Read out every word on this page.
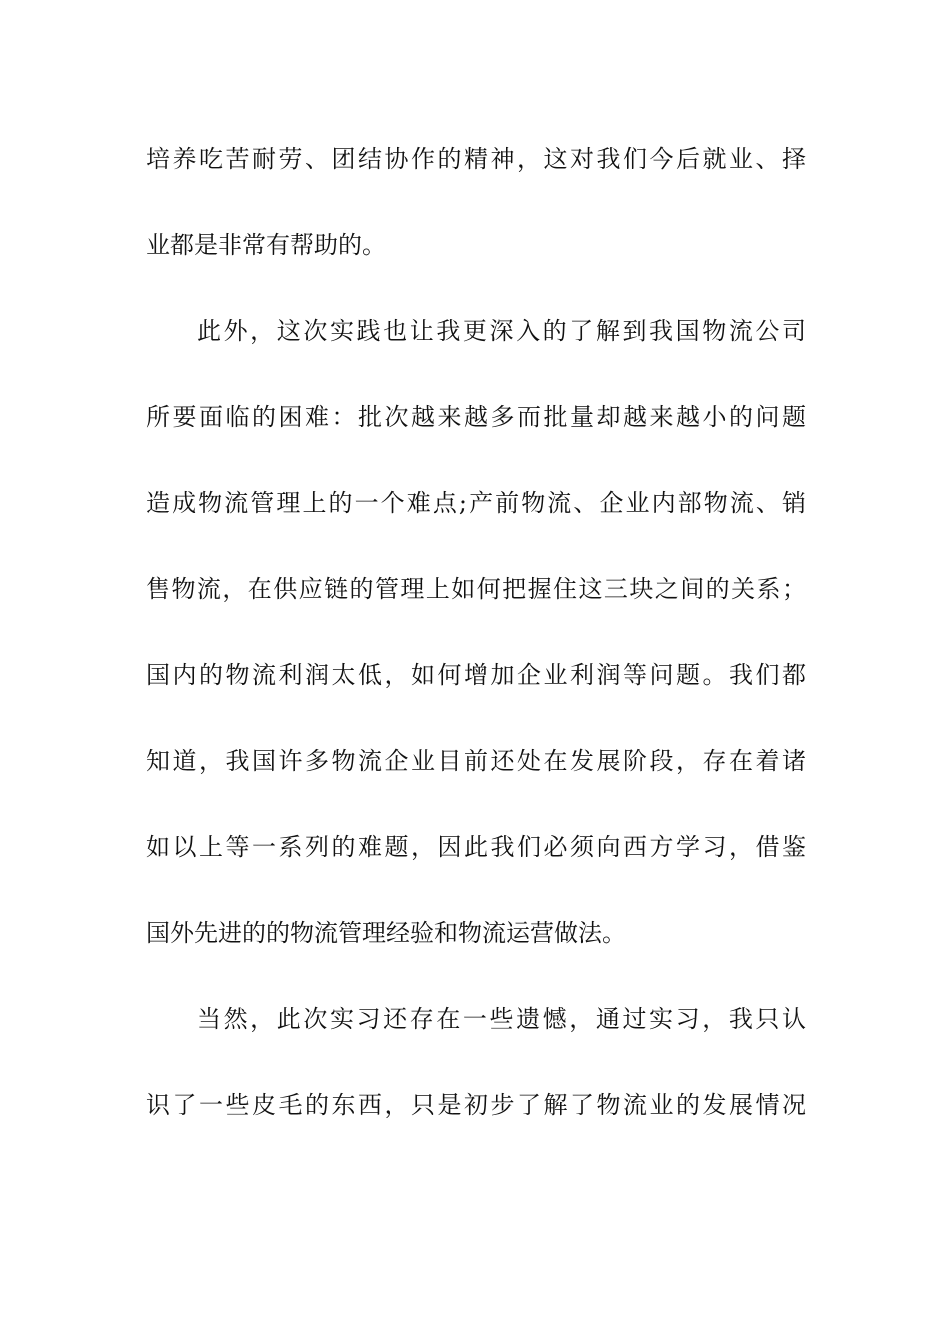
培养吃苦耐劳、团结协作的精神，这对我们今后就业、择
业都是非常有帮助的。
此外，这次实践也让我更深入的了解到我国物流公司
所要面临的困难：批次越来越多而批量却越来越小的问题
造成物流管理上的一个难点;产前物流、企业内部物流、销
售物流，在供应链的管理上如何把握住这三块之间的关系；
国内的物流利润太低，如何增加企业利润等问题。我们都
知道，我国许多物流企业目前还处在发展阶段，存在着诸
如以上等一系列的难题，因此我们必须向西方学习，借鉴
国外先进的的物流管理经验和物流运营做法。
当然，此次实习还存在一些遗憾，通过实习，我只认
识了一些皮毛的东西，只是初步了解了物流业的发展情况
